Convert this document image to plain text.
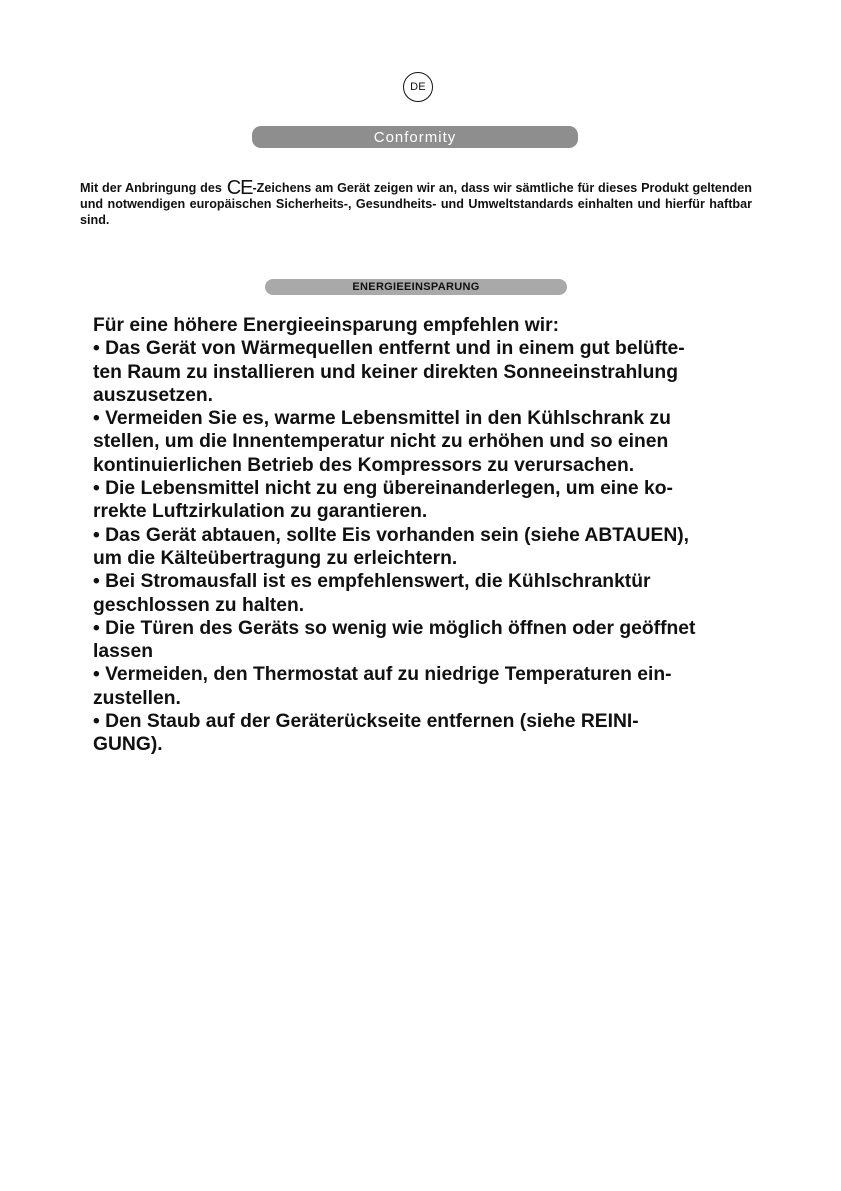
DE
Conformity
Mit der Anbringung des CE-Zeichens am Gerät zeigen wir an, dass wir sämtliche für dieses Produkt geltenden und notwendigen europäischen Sicherheits-, Gesundheits- und Umweltstandards einhalten und hierfür haftbar sind.
ENERGIEEINSPARUNG
Für eine höhere Energieeinsparung empfehlen wir:
• Das Gerät von Wärmequellen entfernt und in einem gut belüfte-
ten Raum zu installieren und keiner direkten Sonneeinstrahlung
auszusetzen.
• Vermeiden Sie es, warme Lebensmittel in den Kühlschrank zu
stellen, um die Innentemperatur nicht zu erhöhen und so einen
kontinuierlichen Betrieb des Kompressors zu verursachen.
• Die Lebensmittel nicht zu eng übereinanderlegen, um eine ko-
rrekte Luftzirkulation zu garantieren.
• Das Gerät abtauen, sollte Eis vorhanden sein (siehe ABTAUEN),
um die Kälteübertragung zu erleichtern.
• Bei Stromausfall ist es empfehlenswert, die Kühlschranktür
geschlossen zu halten.
• Die Türen des Geräts so wenig wie möglich öffnen oder geöffnet
lassen
• Vermeiden, den Thermostat auf zu niedrige Temperaturen ein-
zustellen.
• Den Staub auf der Geräterückseite entfernen (siehe REINI-
GUNG).
